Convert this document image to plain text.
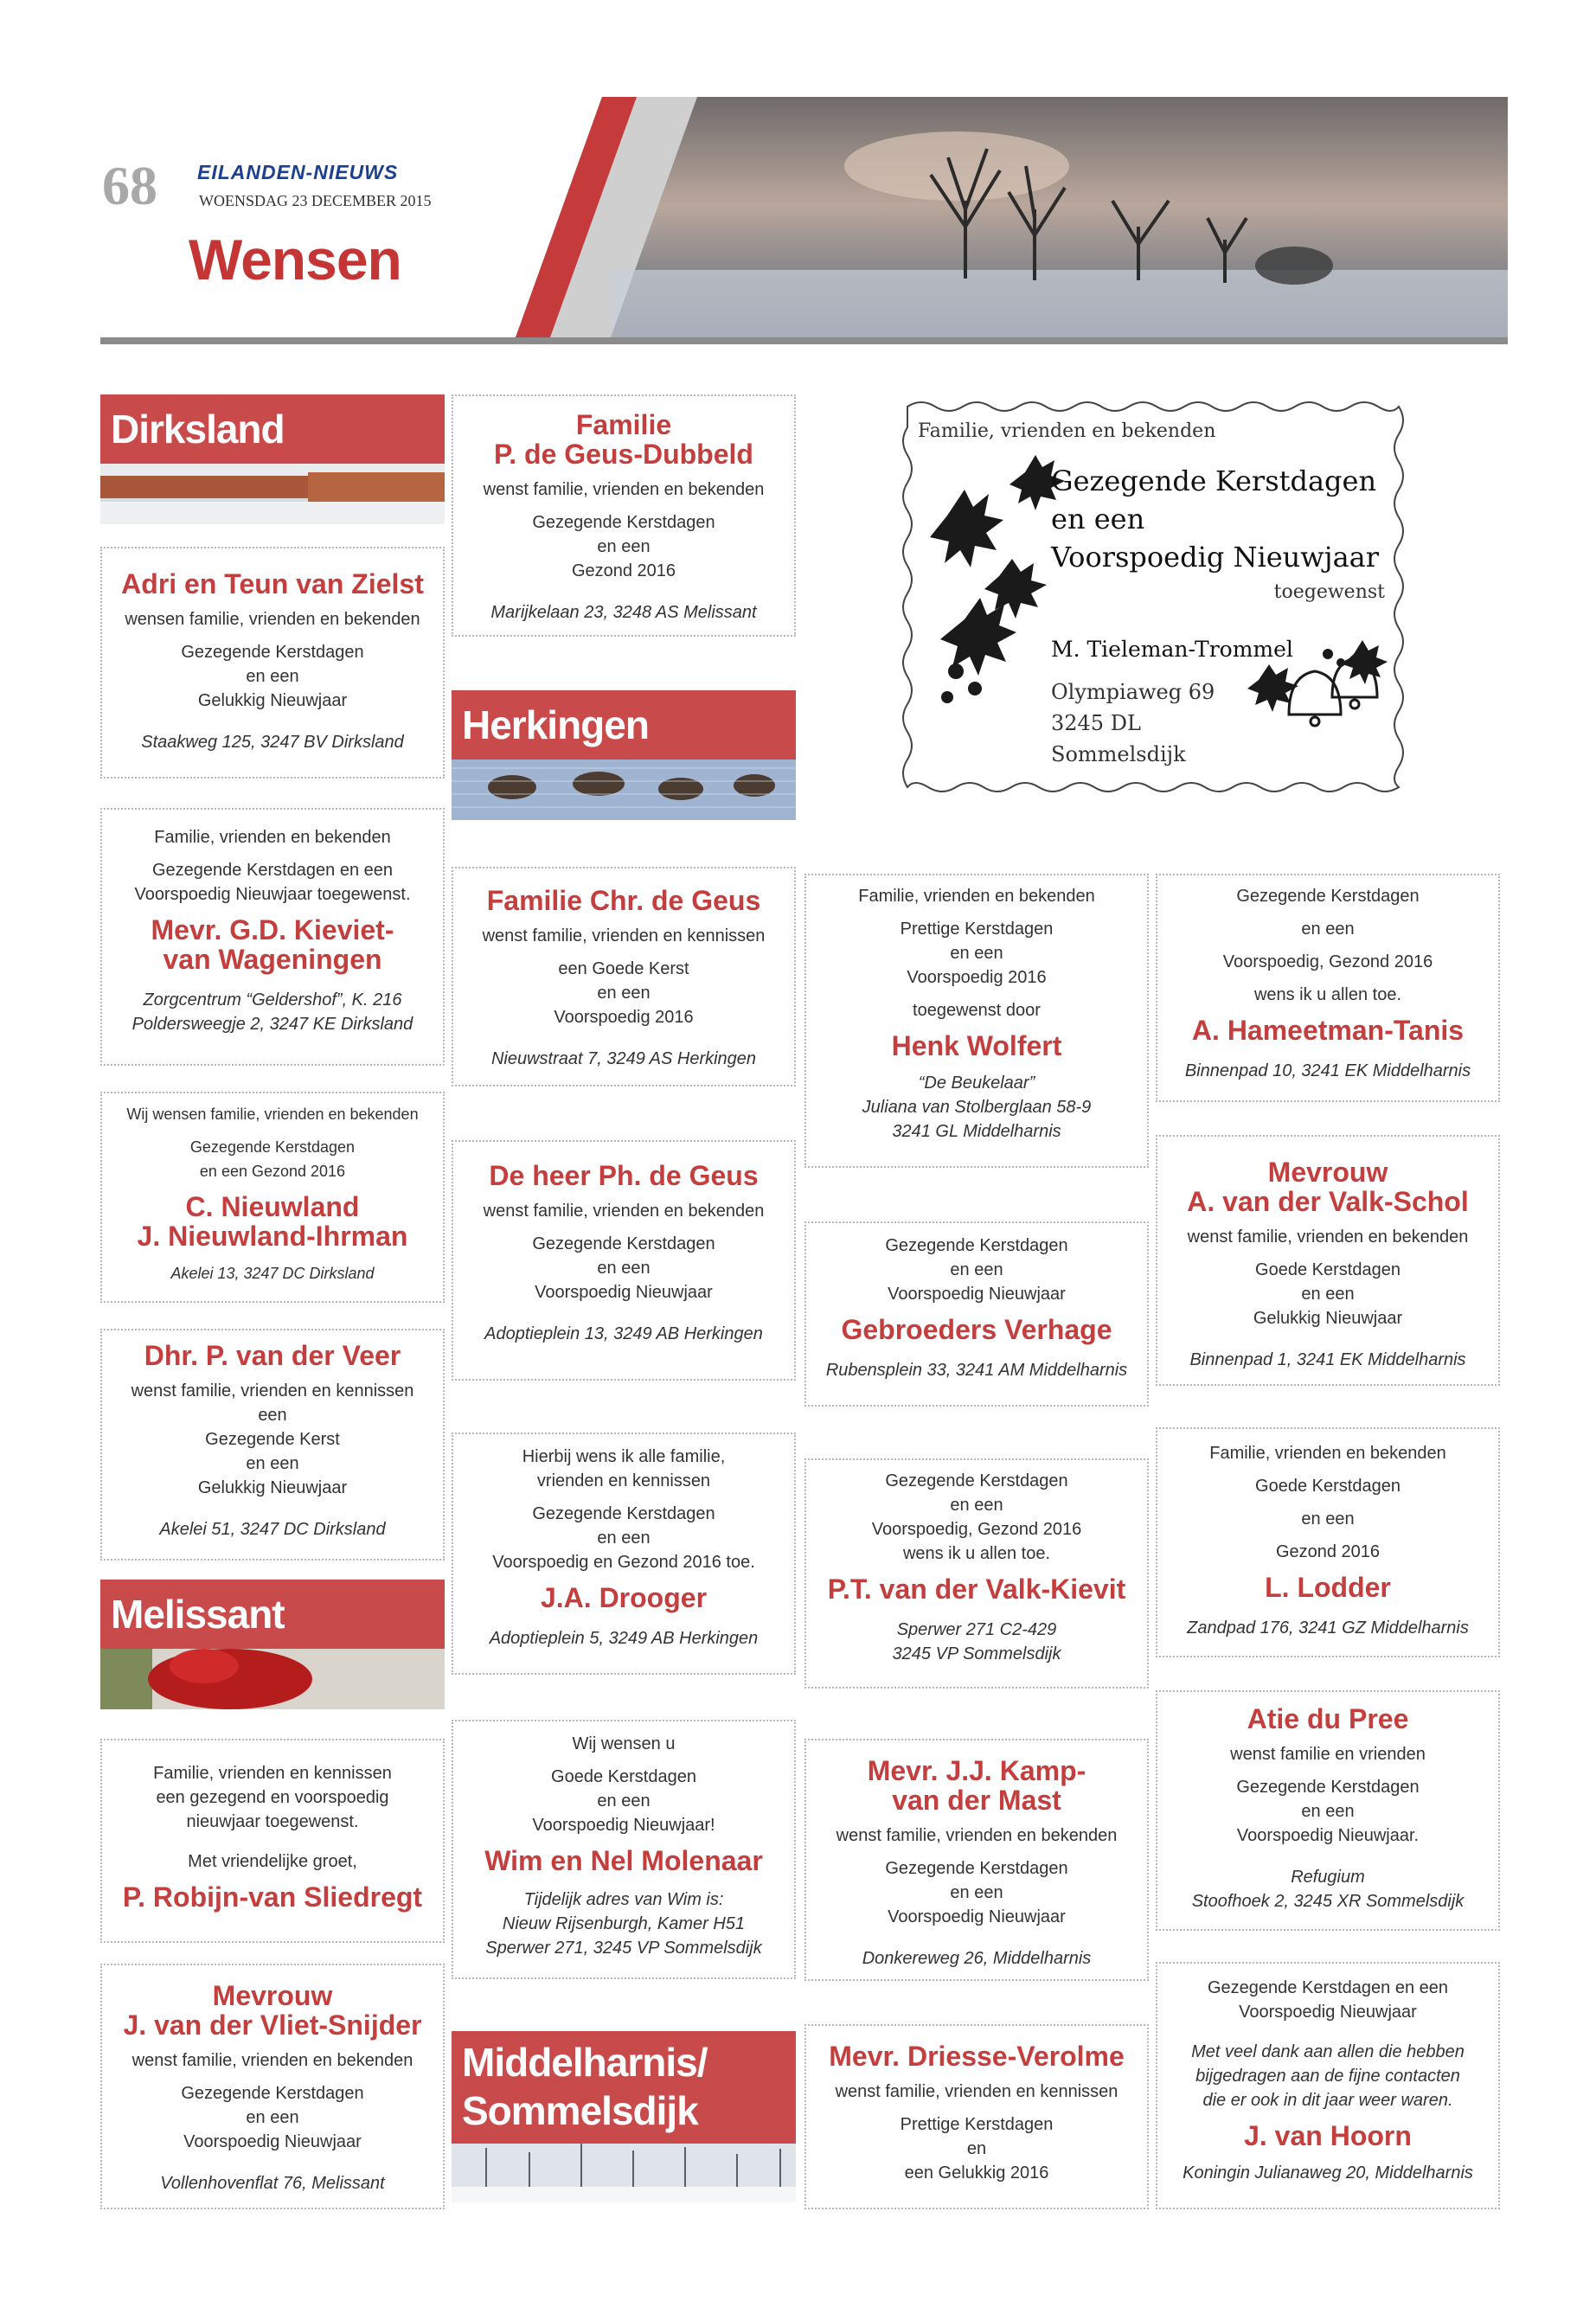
68 EILANDEN-NIEUWS
WOENSDAG 23 DECEMBER 2015
Wensen
Dirksland
Herkingen
Melissant
Middelharnis/
Sommelsdijk
Familie, vrienden en bekenden
Gezegende Kerstdagen
en een
Voorspoedig Nieuwjaar
toegewenst
M. Tieleman-Trommel
Olympiaweg 69
3245 DL
Sommelsdijk

Adri en Teun van Zielst

wensen familie, vrienden en bekenden

Gezegende Kerstdagen

en een

Gelukkig Nieuwjaar

Staakweg 125, 3247 BV Dirksland

Familie, vrienden en bekenden

Gezegende Kerstdagen en een

Voorspoedig Nieuwjaar toegewenst.

Mevr. G.D. Kieviet-

van Wageningen

Zorgcentrum “Geldershof”, K. 216

Poldersweegje 2, 3247 KE Dirksland

Wij wensen familie, vrienden en bekenden

Gezegende Kerstdagen

en een Gezond 2016

C. Nieuwland

J. Nieuwland-Ihrman

Akelei 13, 3247 DC Dirksland

Dhr. P. van der Veer

wenst familie, vrienden en kennissen

een

Gezegende Kerst

en een

Gelukkig Nieuwjaar

Akelei 51, 3247 DC Dirksland

Familie, vrienden en kennissen

een gezegend en voorspoedig

nieuwjaar toegewenst.

Met vriendelijke groet,

P. Robijn-van Sliedregt

Mevrouw

J. van der Vliet-Snijder

wenst familie, vrienden en bekenden

Gezegende Kerstdagen

en een

Voorspoedig Nieuwjaar

Vollenhovenflat 76, Melissant

Familie

P. de Geus-Dubbeld

wenst familie, vrienden en bekenden

Gezegende Kerstdagen

en een

Gezond 2016

Marijkelaan 23, 3248 AS Melissant

Familie Chr. de Geus

wenst familie, vrienden en kennissen

een Goede Kerst

en een

Voorspoedig 2016

Nieuwstraat 7, 3249 AS Herkingen

De heer Ph. de Geus

wenst familie, vrienden en bekenden

Gezegende Kerstdagen

en een

Voorspoedig Nieuwjaar

Adoptieplein 13, 3249 AB Herkingen

Hierbij wens ik alle familie,

vrienden en kennissen

Gezegende Kerstdagen

en een

Voorspoedig en Gezond 2016 toe.

J.A. Drooger

Adoptieplein 5, 3249 AB Herkingen

Wij wensen u

Goede Kerstdagen

en een

Voorspoedig Nieuwjaar!

Wim en Nel Molenaar

Tijdelijk adres van Wim is:

Nieuw Rijsenburgh, Kamer H51

Sperwer 271, 3245 VP Sommelsdijk

Familie, vrienden en bekenden

Prettige Kerstdagen

en een

Voorspoedig 2016

toegewenst door

Henk Wolfert

“De Beukelaar”

Juliana van Stolberglaan 58-9

3241 GL Middelharnis

Gezegende Kerstdagen

en een

Voorspoedig Nieuwjaar

Gebroeders Verhage

Rubensplein 33, 3241 AM Middelharnis

Gezegende Kerstdagen

en een

Voorspoedig, Gezond 2016

wens ik u allen toe.

P.T. van der Valk-Kievit

Sperwer 271 C2-429

3245 VP Sommelsdijk

Mevr. J.J. Kamp-

van der Mast

wenst familie, vrienden en bekenden

Gezegende Kerstdagen

en een

Voorspoedig Nieuwjaar

Donkereweg 26, Middelharnis

Mevr. Driesse-Verolme

wenst familie, vrienden en kennissen

Prettige Kerstdagen

en

een Gelukkig 2016

Gezegende Kerstdagen

en een

Voorspoedig, Gezond 2016

wens ik u allen toe.

A. Hameetman-Tanis

Binnenpad 10, 3241 EK Middelharnis

Mevrouw

A. van der Valk-Schol

wenst familie, vrienden en bekenden

Goede Kerstdagen

en een

Gelukkig Nieuwjaar

Binnenpad 1, 3241 EK Middelharnis

Familie, vrienden en bekenden

Goede Kerstdagen

en een

Gezond 2016

L. Lodder

Zandpad 176, 3241 GZ Middelharnis

Atie du Pree

wenst familie en vrienden

Gezegende Kerstdagen

en een

Voorspoedig Nieuwjaar.

Refugium

Stoofhoek 2, 3245 XR Sommelsdijk

Gezegende Kerstdagen en een

Voorspoedig Nieuwjaar

Met veel dank aan allen die hebben

bijgedragen aan de fijne contacten

die er ook in dit jaar weer waren.

J. van Hoorn

Koningin Julianaweg 20, Middelharnis
